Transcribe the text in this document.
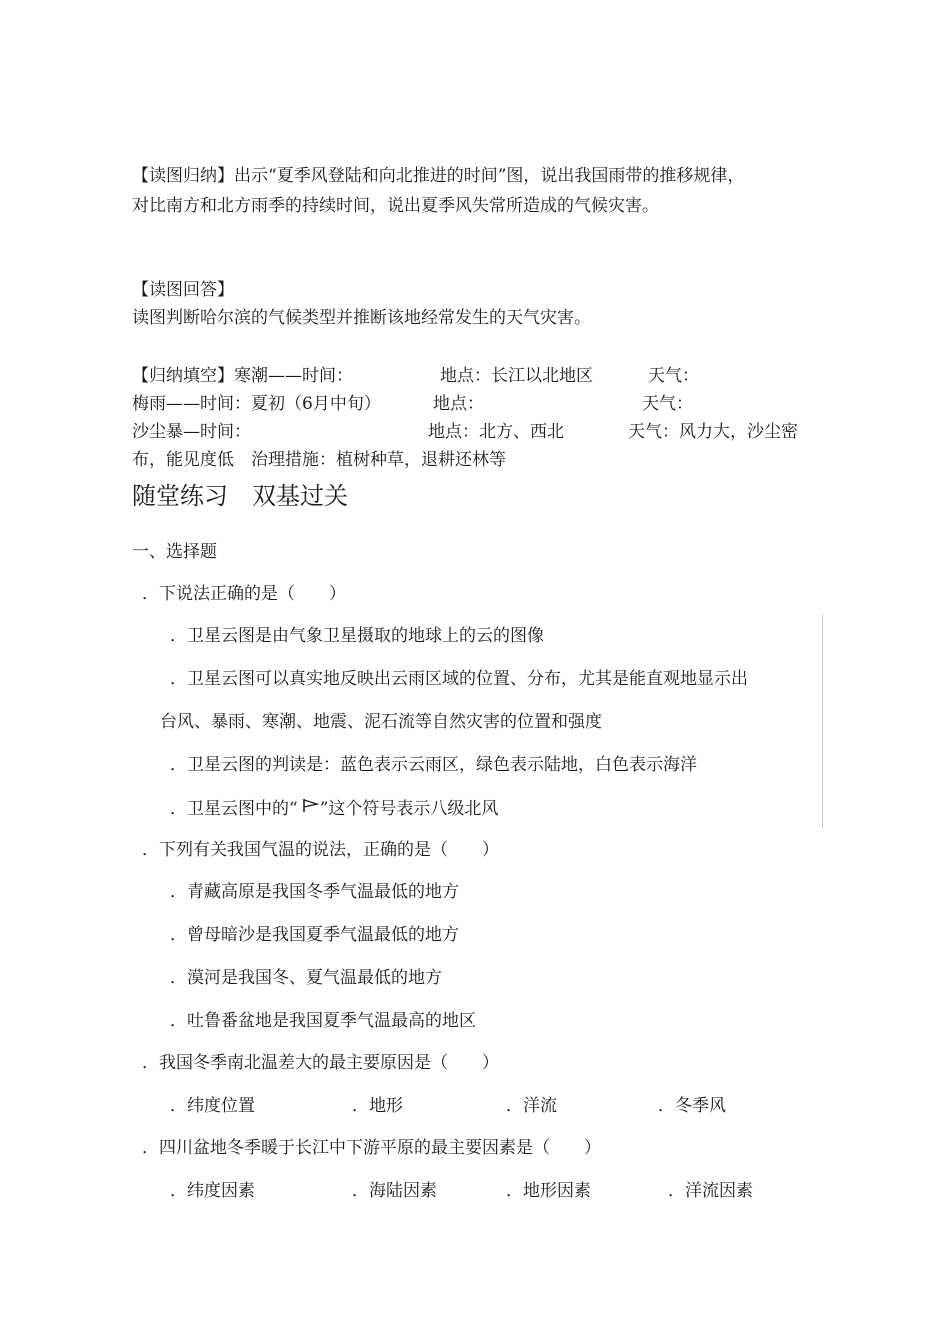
【读图归纳】出示“夏季风登陆和向北推进的时间”图，说出我国雨带的推移规律，
对比南方和北方雨季的持续时间，说出夏季风失常所造成的气候灾害。
【读图回答】
读图判断哈尔滨的气候类型并推断该地经常发生的天气灾害。
【归纳填空】寒潮——时间：	地点：长江以北地区	天气：
梅雨——时间：夏初（6月中旬）	地点：	天气：
沙尘暴—时间：	地点：北方、西北	天气：风力大，沙尘密
布，能见度低　治理措施：植树种草，退耕还林等
随堂练习　双基过关
一、选择题
．下说法正确的是（　　）
．卫星云图是由气象卫星摄取的地球上的云的图像
．卫星云图可以真实地反映出云雨区域的位置、分布，尤其是能直观地显示出
台风、暴雨、寒潮、地震、泥石流等自然灾害的位置和强度
．卫星云图的判读是：蓝色表示云雨区，绿色表示陆地，白色表示海洋
．卫星云图中的“ ”这个符号表示八级北风
．下列有关我国气温的说法，正确的是（　　）
．青藏高原是我国冬季气温最低的地方
．曾母暗沙是我国夏季气温最低的地方
．漠河是我国冬、夏气温最低的地方
．吐鲁番盆地是我国夏季气温最高的地区
．我国冬季南北温差大的最主要原因是（　　）
．纬度位置	．地形	．洋流	．冬季风
．四川盆地冬季暖于长江中下游平原的最主要因素是（　　）
．纬度因素	．海陆因素	．地形因素	．洋流因素
